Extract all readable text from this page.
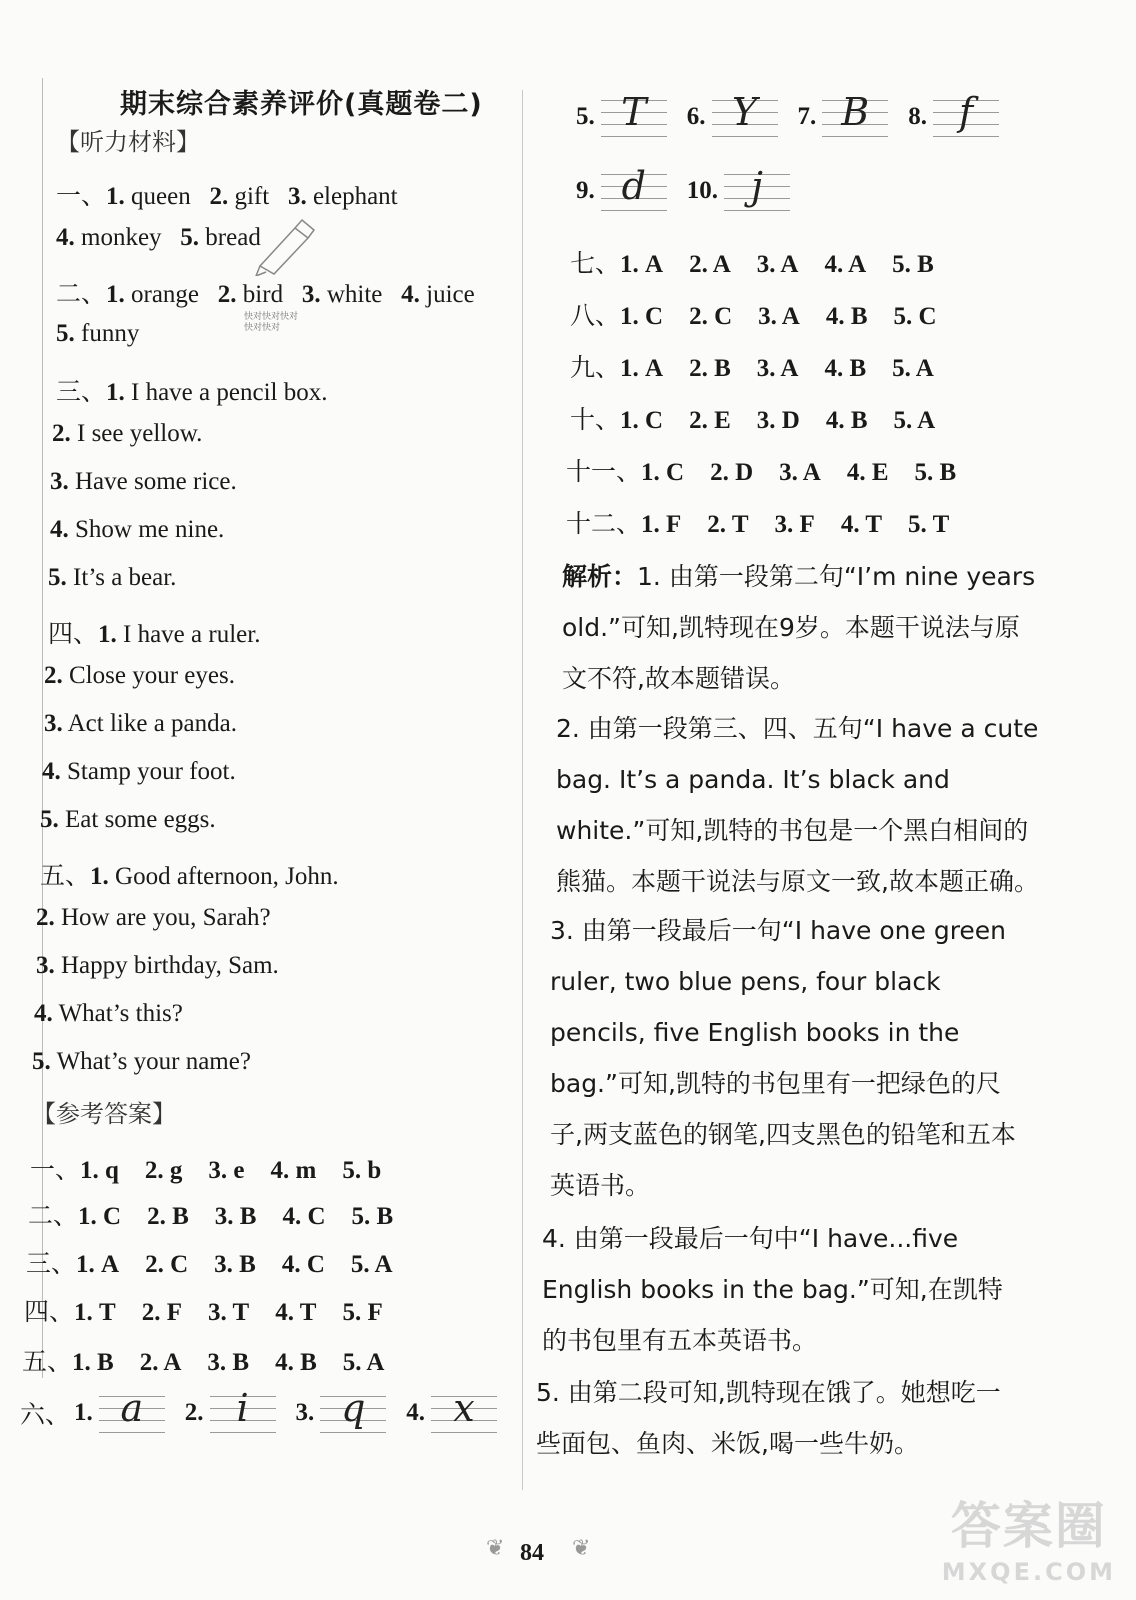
期末综合素养评价(真题卷二)
【听力材料】
一、1. queen 2. gift 3. elephant
4. monkey 5. bread
快对快对快对
快对快对
二、1. orange 2. bird 3. white 4. juice
5. funny
三、1. I have a pencil box.
2. I see yellow.
3. Have some rice.
4. Show me nine.
5. It’s a bear.
四、1. I have a ruler.
2. Close your eyes.
3. Act like a panda.
4. Stamp your foot.
5. Eat some eggs.
五、1. Good afternoon, John.
2. How are you, Sarah?
3. Happy birthday, Sam.
4. What’s this?
5. What’s your name?
【参考答案】
一、1. q 2. g 3. e 4. m 5. b
二、1. C 2. B 3. B 4. C 5. B
三、1. A 2. C 3. B 4. C 5. A
四、1. T 2. F 3. T 4. T 5. F
五、1. B 2. A 3. B 4. B 5. A
六、 1. a	2. i	3. q	4. x
5. T	6. Y	7. B	8. f
9. d	10. j
七、1. A 2. A 3. A 4. A 5. B
八、1. C 2. C 3. A 4. B 5. C
九、1. A 2. B 3. A 4. B 5. A
十、1. C 2. E 3. D 4. B 5. A
十一、1. C 2. D 3. A 4. E 5. B
十二、1. F 2. T 3. F 4. T 5. T
解析：1. 由第一段第二句“I’m nine years old.”可知,凯特现在9岁。本题干说法与原文不符,故本题错误。
2. 由第一段第三、四、五句“I have a cute bag. It’s a panda. It’s black and white.”可知,凯特的书包是一个黑白相间的熊猫。本题干说法与原文一致,故本题正确。
3. 由第一段最后一句“I have one green ruler, two blue pens, four black pencils, five English books in the bag.”可知,凯特的书包里有一把绿色的尺子,两支蓝色的钢笔,四支黑色的铅笔和五本英语书。
4. 由第一段最后一句中“I have...five English books in the bag.”可知,在凯特的书包里有五本英语书。
5. 由第二段可知,凯特现在饿了。她想吃一些面包、鱼肉、米饭,喝一些牛奶。
❦ 84 ❦	答案圈
MXQE.COM
